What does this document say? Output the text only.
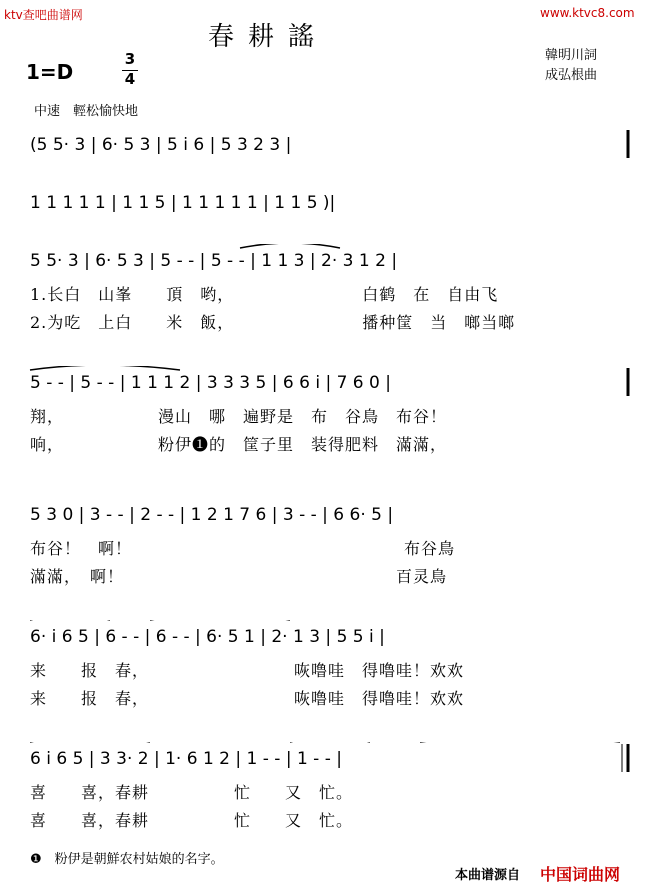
ktv查吧曲谱网	www.ktvc8.com
春耕謠
韓明川詞
成弘根曲
1=D
3
4
中速　輕松愉快地
(5 5· 3 | 6· 5 3 | 5 i 6 | 5 3 2 3 |
1 1 1 1 1 | 1 1 5 | 1 1 1 1 1 | 1 1 5 )|
5 5· 3 | 6· 5 3 | 5 - - | 5 - - | 1 1 3 | 2· 3 1 2 |
1.长白　山峯　　頂　哟，　　　　　　　　白鹤　在　自由飞
2.为吃　上白　　米　飯，　　　　　　　　播种筐　当　啷当啷
5 - - | 5 - - | 1 1 1 2 | 3 3 3 5 | 6 6 i | 7 6 0 |
翔，　　　　　　漫山　哪　遍野是　布　谷鳥　布谷！
响，　　　　　　粉伊❶的　筐子里　装得肥料　滿滿，
5 3 0 | 3 - - | 2 - - | 1 2 1 7 6 | 3 - - | 6 6· 5 |
布谷！　啊！　　　　　　　　　　　　　　　　布谷鳥
滿滿，　啊！　　　　　　　　　　　　　　　　百灵鳥
6· i 6 5 | 6 - - | 6 - - | 6· 5 1 | 2· 1 3 | 5 5 i |
来　　报　春，　　　　　　　　　咴噜哇　得噜哇！欢欢
来　　报　春，　　　　　　　　　咴噜哇　得噜哇！欢欢
6 i 6 5 | 3 3· 2 | 1· 6 1 2 | 1 - - | 1 - - |
喜　　喜，春耕　　　　　忙　　又　忙。
喜　　喜，春耕　　　　　忙　　又　忙。
❶　粉伊是朝鮮农村姑娘的名字。
本曲谱源自 中国词曲网
